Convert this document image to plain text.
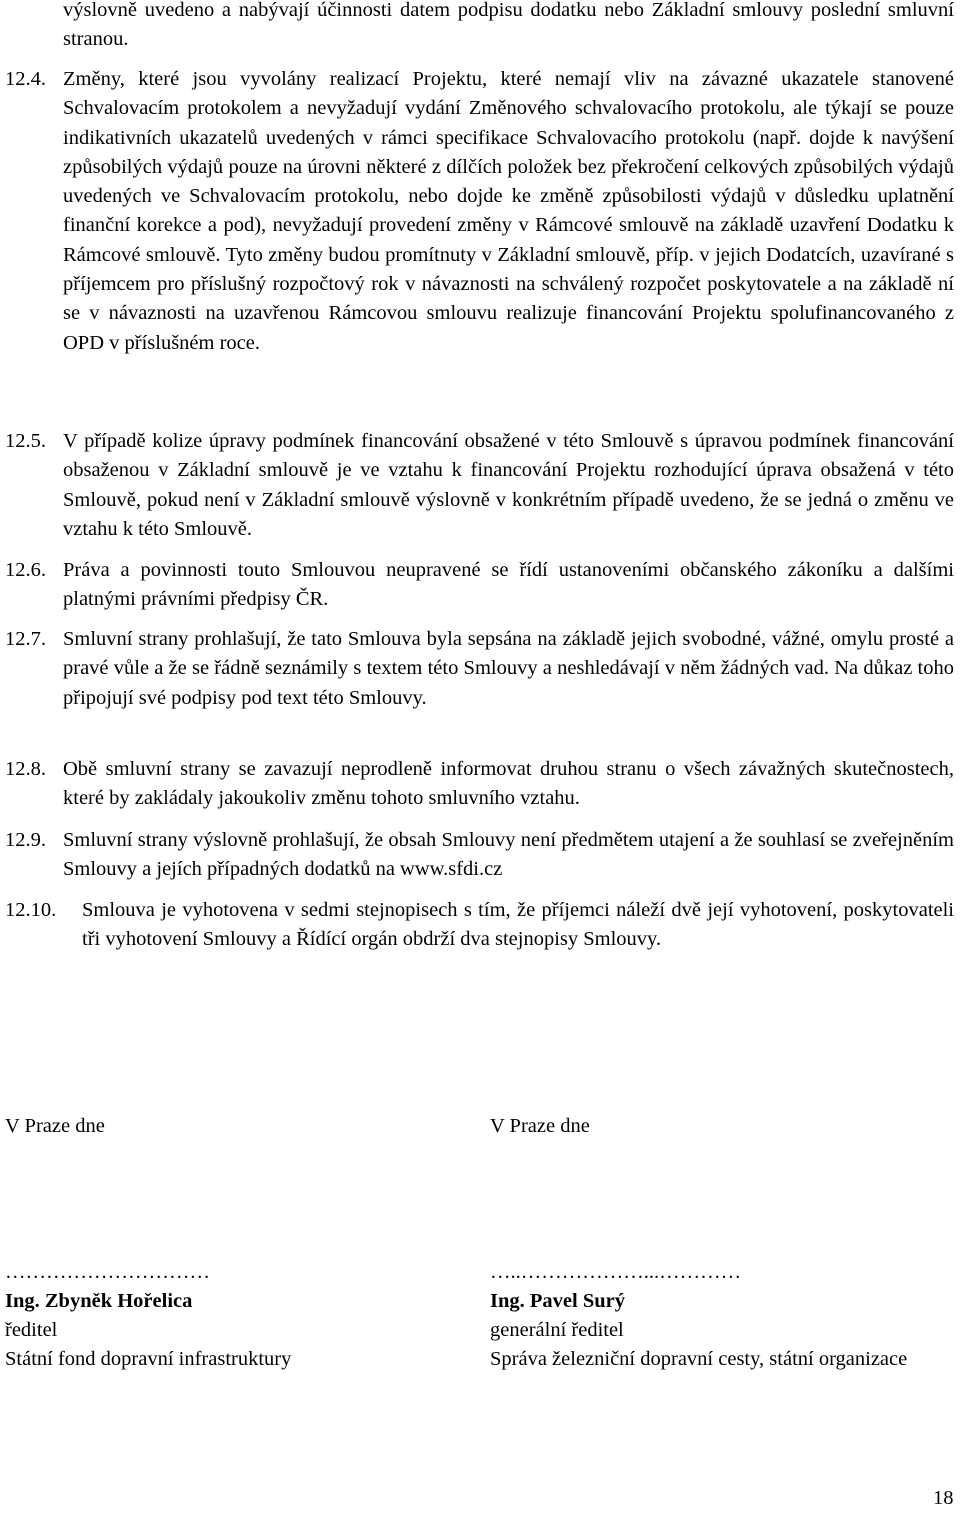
výslovně uvedeno a nabývají účinnosti datem podpisu dodatku nebo Základní smlouvy poslední smluvní stranou.
12.4. Změny, které jsou vyvolány realizací Projektu, které nemají vliv na závazné ukazatele stanovené Schvalovacím protokolem a nevyžadují vydání Změnového schvalovacího protokolu, ale týkají se pouze indikativních ukazatelů uvedených v rámci specifikace Schvalovacího protokolu (např. dojde k navýšení způsobilých výdajů pouze na úrovni některé z dílčích položek bez překročení celkových způsobilých výdajů uvedených ve Schvalovacím protokolu, nebo dojde ke změně způsobilosti výdajů v důsledku uplatnění finanční korekce a pod), nevyžadují provedení změny v Rámcové smlouvě na základě uzavření Dodatku k Rámcové smlouvě. Tyto změny budou promítnuty v Základní smlouvě, příp. v jejich Dodatcích, uzavírané s příjemcem pro příslušný rozpočtový rok v návaznosti na schválený rozpočet poskytovatele a na základě ní se v návaznosti na uzavřenou Rámcovou smlouvu realizuje financování Projektu spolufinancovaného z OPD v příslušném roce.
12.5. V případě kolize úpravy podmínek financování obsažené v této Smlouvě s úpravou podmínek financování obsaženou v Základní smlouvě je ve vztahu k financování Projektu rozhodující úprava obsažená v této Smlouvě, pokud není v Základní smlouvě výslovně v konkrétním případě uvedeno, že se jedná o změnu ve vztahu k této Smlouvě.
12.6. Práva a povinnosti touto Smlouvou neupravené se řídí ustanoveními občanského zákoníku a dalšími platnými právními předpisy ČR.
12.7. Smluvní strany prohlašují, že tato Smlouva byla sepsána na základě jejich svobodné, vážné, omylu prosté a pravé vůle a že se řádně seznámily s textem této Smlouvy a neshledávají v něm žádných vad. Na důkaz toho připojují své podpisy pod text této Smlouvy.
12.8. Obě smluvní strany se zavazují neprodleně informovat druhou stranu o všech závažných skutečnostech, které by zakládaly jakoukoliv změnu tohoto smluvního vztahu.
12.9. Smluvní strany výslovně prohlašují, že obsah Smlouvy není předmětem utajení a že souhlasí se zveřejněním Smlouvy a jejích případných dodatků na www.sfdi.cz
12.10. Smlouva je vyhotovena v sedmi stejnopisech s tím, že příjemci náleží dvě její vyhotovení, poskytovateli tři vyhotovení Smlouvy a Řídící orgán obdrží dva stejnopisy Smlouvy.
V Praze dne	V Praze dne
…………………………
Ing. Zbyněk Hořelica
ředitel
Státní fond dopravní infrastruktury
…..………………...…………
Ing. Pavel Surý
generální ředitel
Správa železniční dopravní cesty, státní organizace
18
